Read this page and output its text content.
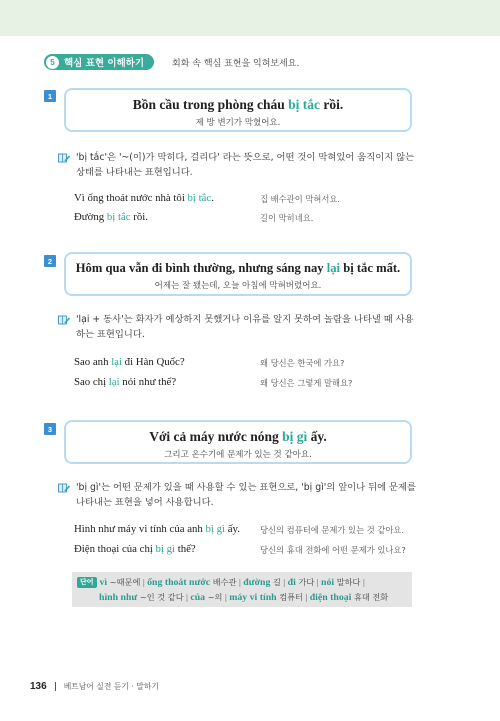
5 핵심 표현 이해하기	회화 속 핵심 표현을 익혀보세요.
1
Bồn cầu trong phòng cháu bị tắc rồi.
제 방 변기가 막혔어요.
'bị tắc'은 '~(이)가 막히다, 걸리다' 라는 뜻으로, 어떤 것이 막혀있어 움직이지 않는 상태를 나타내는 표현입니다.
Vì ống thoát nước nhà tôi bị tắc.	집 배수관이 막혀서요.
Đường bị tắc rồi.	길이 막히네요.
2	Hôm qua vẫn đi bình thường, nhưng sáng nay lại bị tắc mất.
어제는 잘 됐는데, 오늘 아침에 막혀버렸어요.
'lại + 동사'는 화자가 예상하지 못했거나 이유를 알지 못하여 놀람을 나타낼 때 사용하는 표현입니다.
Sao anh lại đi Hàn Quốc?	왜 당신은 한국에 가요?
Sao chị lại nói như thế?	왜 당신은 그렇게 말해요?
3	Với cả máy nước nóng bị gì ấy.
그리고 온수기에 문제가 있는 것 같아요.
'bị gì'는 어떤 문제가 있을 때 사용할 수 있는 표현으로, 'bị gì'의 앞이나 뒤에 문제를 나타내는 표현을 넣어 사용합니다.
Hình như máy vi tính của anh bị gì ấy. 당신의 컴퓨터에 문제가 있는 것 같아요.
Điện thoại của chị bị gì thế?	당신의 휴대 전화에 어떤 문제가 있나요?
단어 vì ~때문에 | ống thoát nước 배수관 | đường 길 | đi 가다 | nói 말하다 |
hình như ~인 것 같다 | của ~의 | máy vi tính 컴퓨터 | điện thoại 휴대 전화
136 베트남어 실전 듣기 · 말하기
